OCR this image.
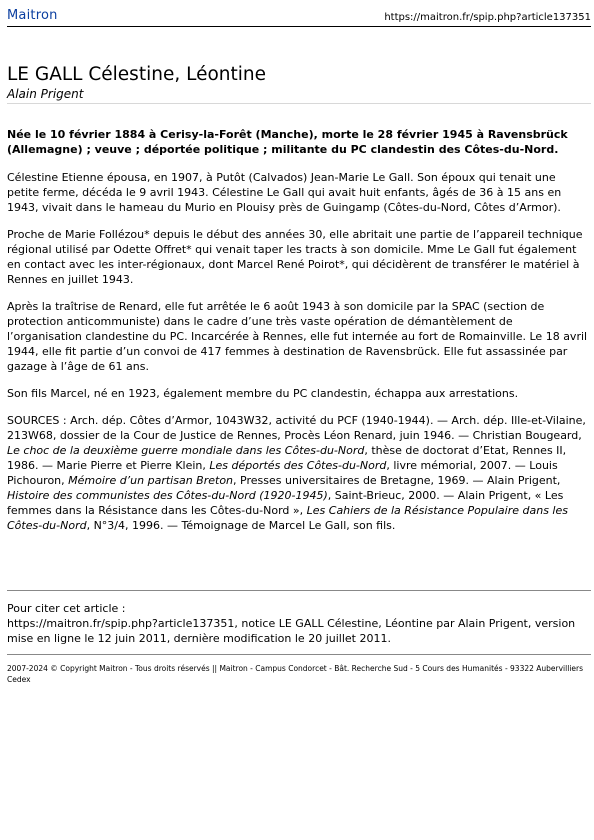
Maitron	https://maitron.fr/spip.php?article137351
LE GALL Célestine, Léontine
Alain Prigent

Née le 10 février 1884 à Cerisy-la-Forêt (Manche), morte le 28 février 1945 à Ravensbrück (Allemagne) ; veuve ; déportée politique ; militante du PC clandestin des Côtes-du-Nord.

Célestine Etienne épousa, en 1907, à Putôt (Calvados) Jean-Marie Le Gall. Son époux qui tenait une petite ferme, décéda le 9 avril 1943. Célestine Le Gall qui avait huit enfants, âgés de 36 à 15 ans en 1943, vivait dans le hameau du Murio en Plouisy près de Guingamp (Côtes-du-Nord, Côtes d’Armor).

Proche de Marie Follézou* depuis le début des années 30, elle abritait une partie de l’appareil technique régional utilisé par Odette Offret* qui venait taper les tracts à son domicile. Mme Le Gall fut également en contact avec les inter-régionaux, dont Marcel René Poirot*, qui décidèrent de transférer le matériel à Rennes en juillet 1943.

Après la traîtrise de Renard, elle fut arrêtée le 6 août 1943 à son domicile par la SPAC (section de protection anticommuniste) dans le cadre d’une très vaste opération de démantèlement de l’organisation clandestine du PC. Incarcérée à Rennes, elle fut internée au fort de Romainville. Le 18 avril 1944, elle fit partie d’un convoi de 417 femmes à destination de Ravensbrück. Elle fut assassinée par gazage à l’âge de 61 ans.

Son fils Marcel, né en 1923, également membre du PC clandestin, échappa aux arrestations.

SOURCES : Arch. dép. Côtes d’Armor, 1043W32, activité du PCF (1940-1944). — Arch. dép. Ille-et-Vilaine, 213W68, dossier de la Cour de Justice de Rennes, Procès Léon Renard, juin 1946. — Christian Bougeard, Le choc de la deuxième guerre mondiale dans les Côtes-du-Nord, thèse de doctorat d’Etat, Rennes II, 1986. — Marie Pierre et Pierre Klein, Les déportés des Côtes-du-Nord, livre mémorial, 2007. — Louis Pichouron, Mémoire d’un partisan Breton, Presses universitaires de Bretagne, 1969. — Alain Prigent, Histoire des communistes des Côtes-du-Nord (1920-1945), Saint-Brieuc, 2000. — Alain Prigent, « Les femmes dans la Résistance dans les Côtes-du-Nord », Les Cahiers de la Résistance Populaire dans les Côtes-du-Nord, N°3/4, 1996. — Témoignage de Marcel Le Gall, son fils.

Pour citer cet article :

https://maitron.fr/spip.php?article137351, notice LE GALL Célestine, Léontine par Alain Prigent, version mise en ligne le 12 juin 2011, dernière modification le 20 juillet 2011.

2007-2024 © Copyright Maitron - Tous droits réservés || Maitron - Campus Condorcet - Bât. Recherche Sud - 5 Cours des Humanités - 93322 Aubervilliers Cedex
